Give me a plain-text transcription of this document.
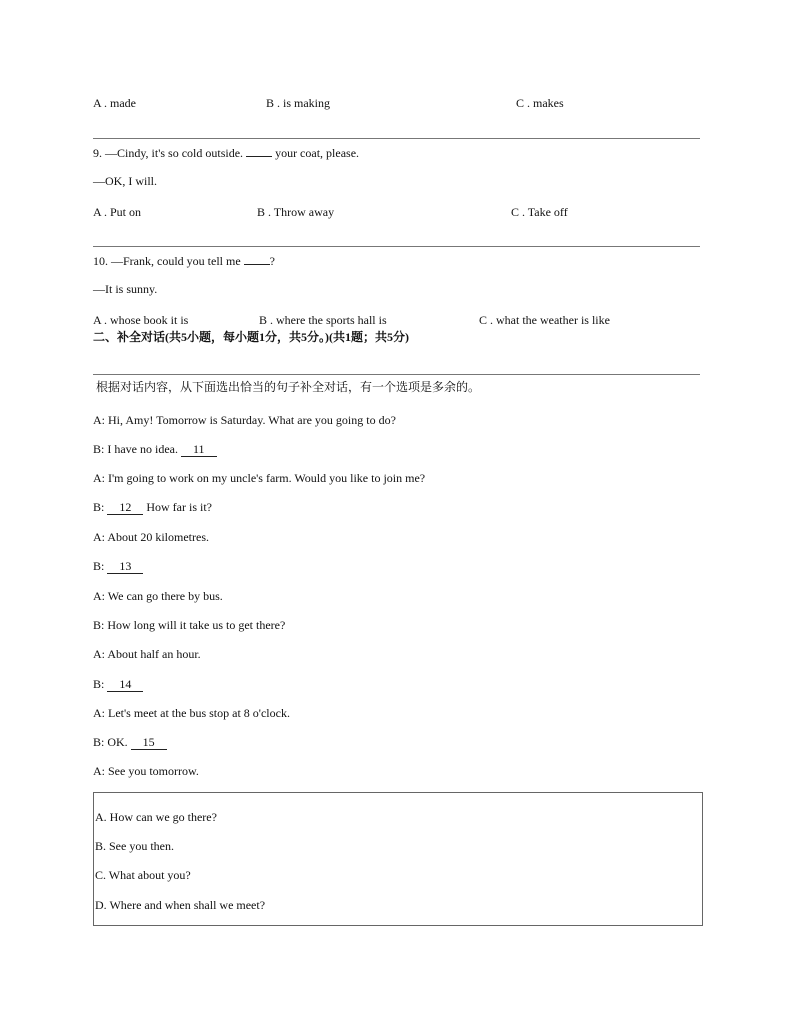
A . made	B . is making	C . makes
9. —Cindy, it's so cold outside.	your coat, please.
—OK, I will.
A . Put on	B . Throw away	C . Take off
10. —Frank, could you tell me ?
—It is sunny.
A . whose book it is	B . where the sports hall is	C . what the weather is like
二、补全对话(共5小题，每小题1分，共5分。)(共1题；共5分)
根据对话内容，从下面选出恰当的句子补全对话，有一个选项是多余的。
A: Hi, Amy! Tomorrow is Saturday. What are you going to do?
B: I have no idea. 11
A: I'm going to work on my uncle's farm. Would you like to join me?
B: 12 How far is it?
A: About 20 kilometres.
B: 13
A: We can go there by bus.
B: How long will it take us to get there?
A: About half an hour.
B: 14
A: Let's meet at the bus stop at 8 o'clock.
B: OK. 15
A: See you tomorrow.
A. How can we go there?
B. See you then.
C. What about you?
D. Where and when shall we meet?
